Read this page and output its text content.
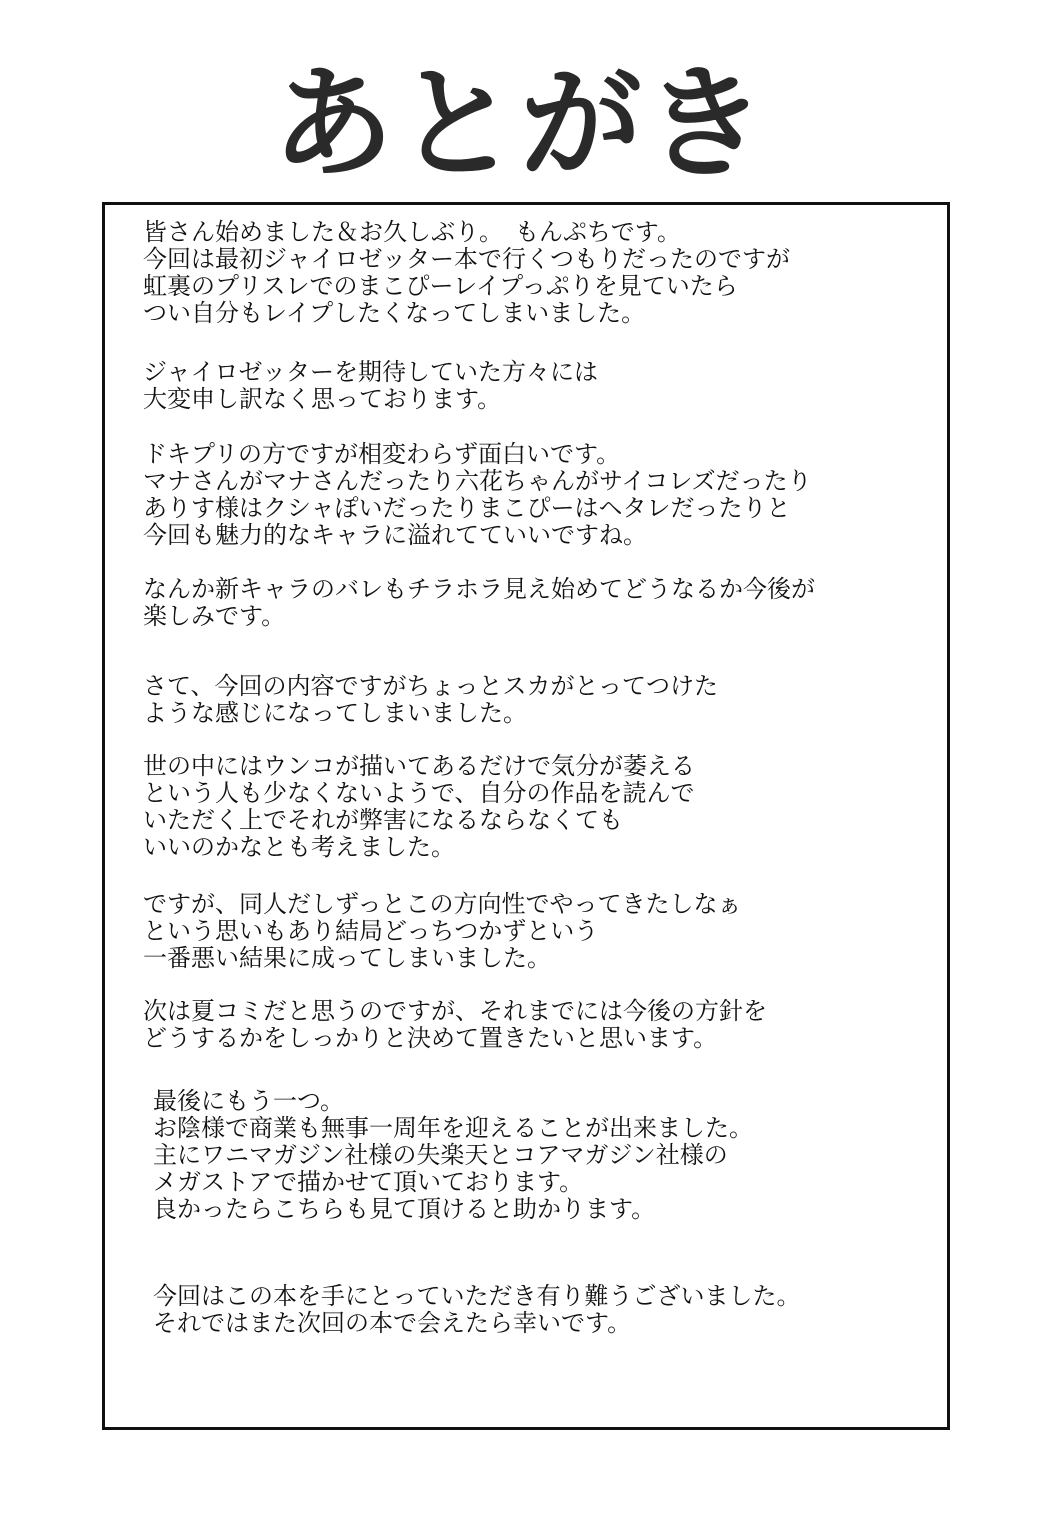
あとがき
皆さん始めました＆お久しぶり。　もんぷちです。
今回は最初ジャイロゼッター本で行くつもりだったのですが
虹裏のプリスレでのまこぴーレイプっぷりを見ていたら
つい自分もレイプしたくなってしまいました。
ジャイロゼッターを期待していた方々には
大変申し訳なく思っております。
ドキプリの方ですが相変わらず面白いです。
マナさんがマナさんだったり六花ちゃんがサイコレズだったり
ありす様はクシャぽいだったりまこぴーはヘタレだったりと
今回も魅力的なキャラに溢れてていいですね。
なんか新キャラのバレもチラホラ見え始めてどうなるか今後が
楽しみです。
さて、今回の内容ですがちょっとスカがとってつけた
ような感じになってしまいました。
世の中にはウンコが描いてあるだけで気分が萎える
という人も少なくないようで、自分の作品を読んで
いただく上でそれが弊害になるならなくても
いいのかなとも考えました。
ですが、同人だしずっとこの方向性でやってきたしなぁ
という思いもあり結局どっちつかずという
一番悪い結果に成ってしまいました。
次は夏コミだと思うのですが、それまでには今後の方針を
どうするかをしっかりと決めて置きたいと思います。
最後にもう一つ。
お陰様で商業も無事一周年を迎えることが出来ました。
主にワニマガジン社様の失楽天とコアマガジン社様の
メガストアで描かせて頂いております。
良かったらこちらも見て頂けると助かります。
今回はこの本を手にとっていただき有り難うございました。
それではまた次回の本で会えたら幸いです。
